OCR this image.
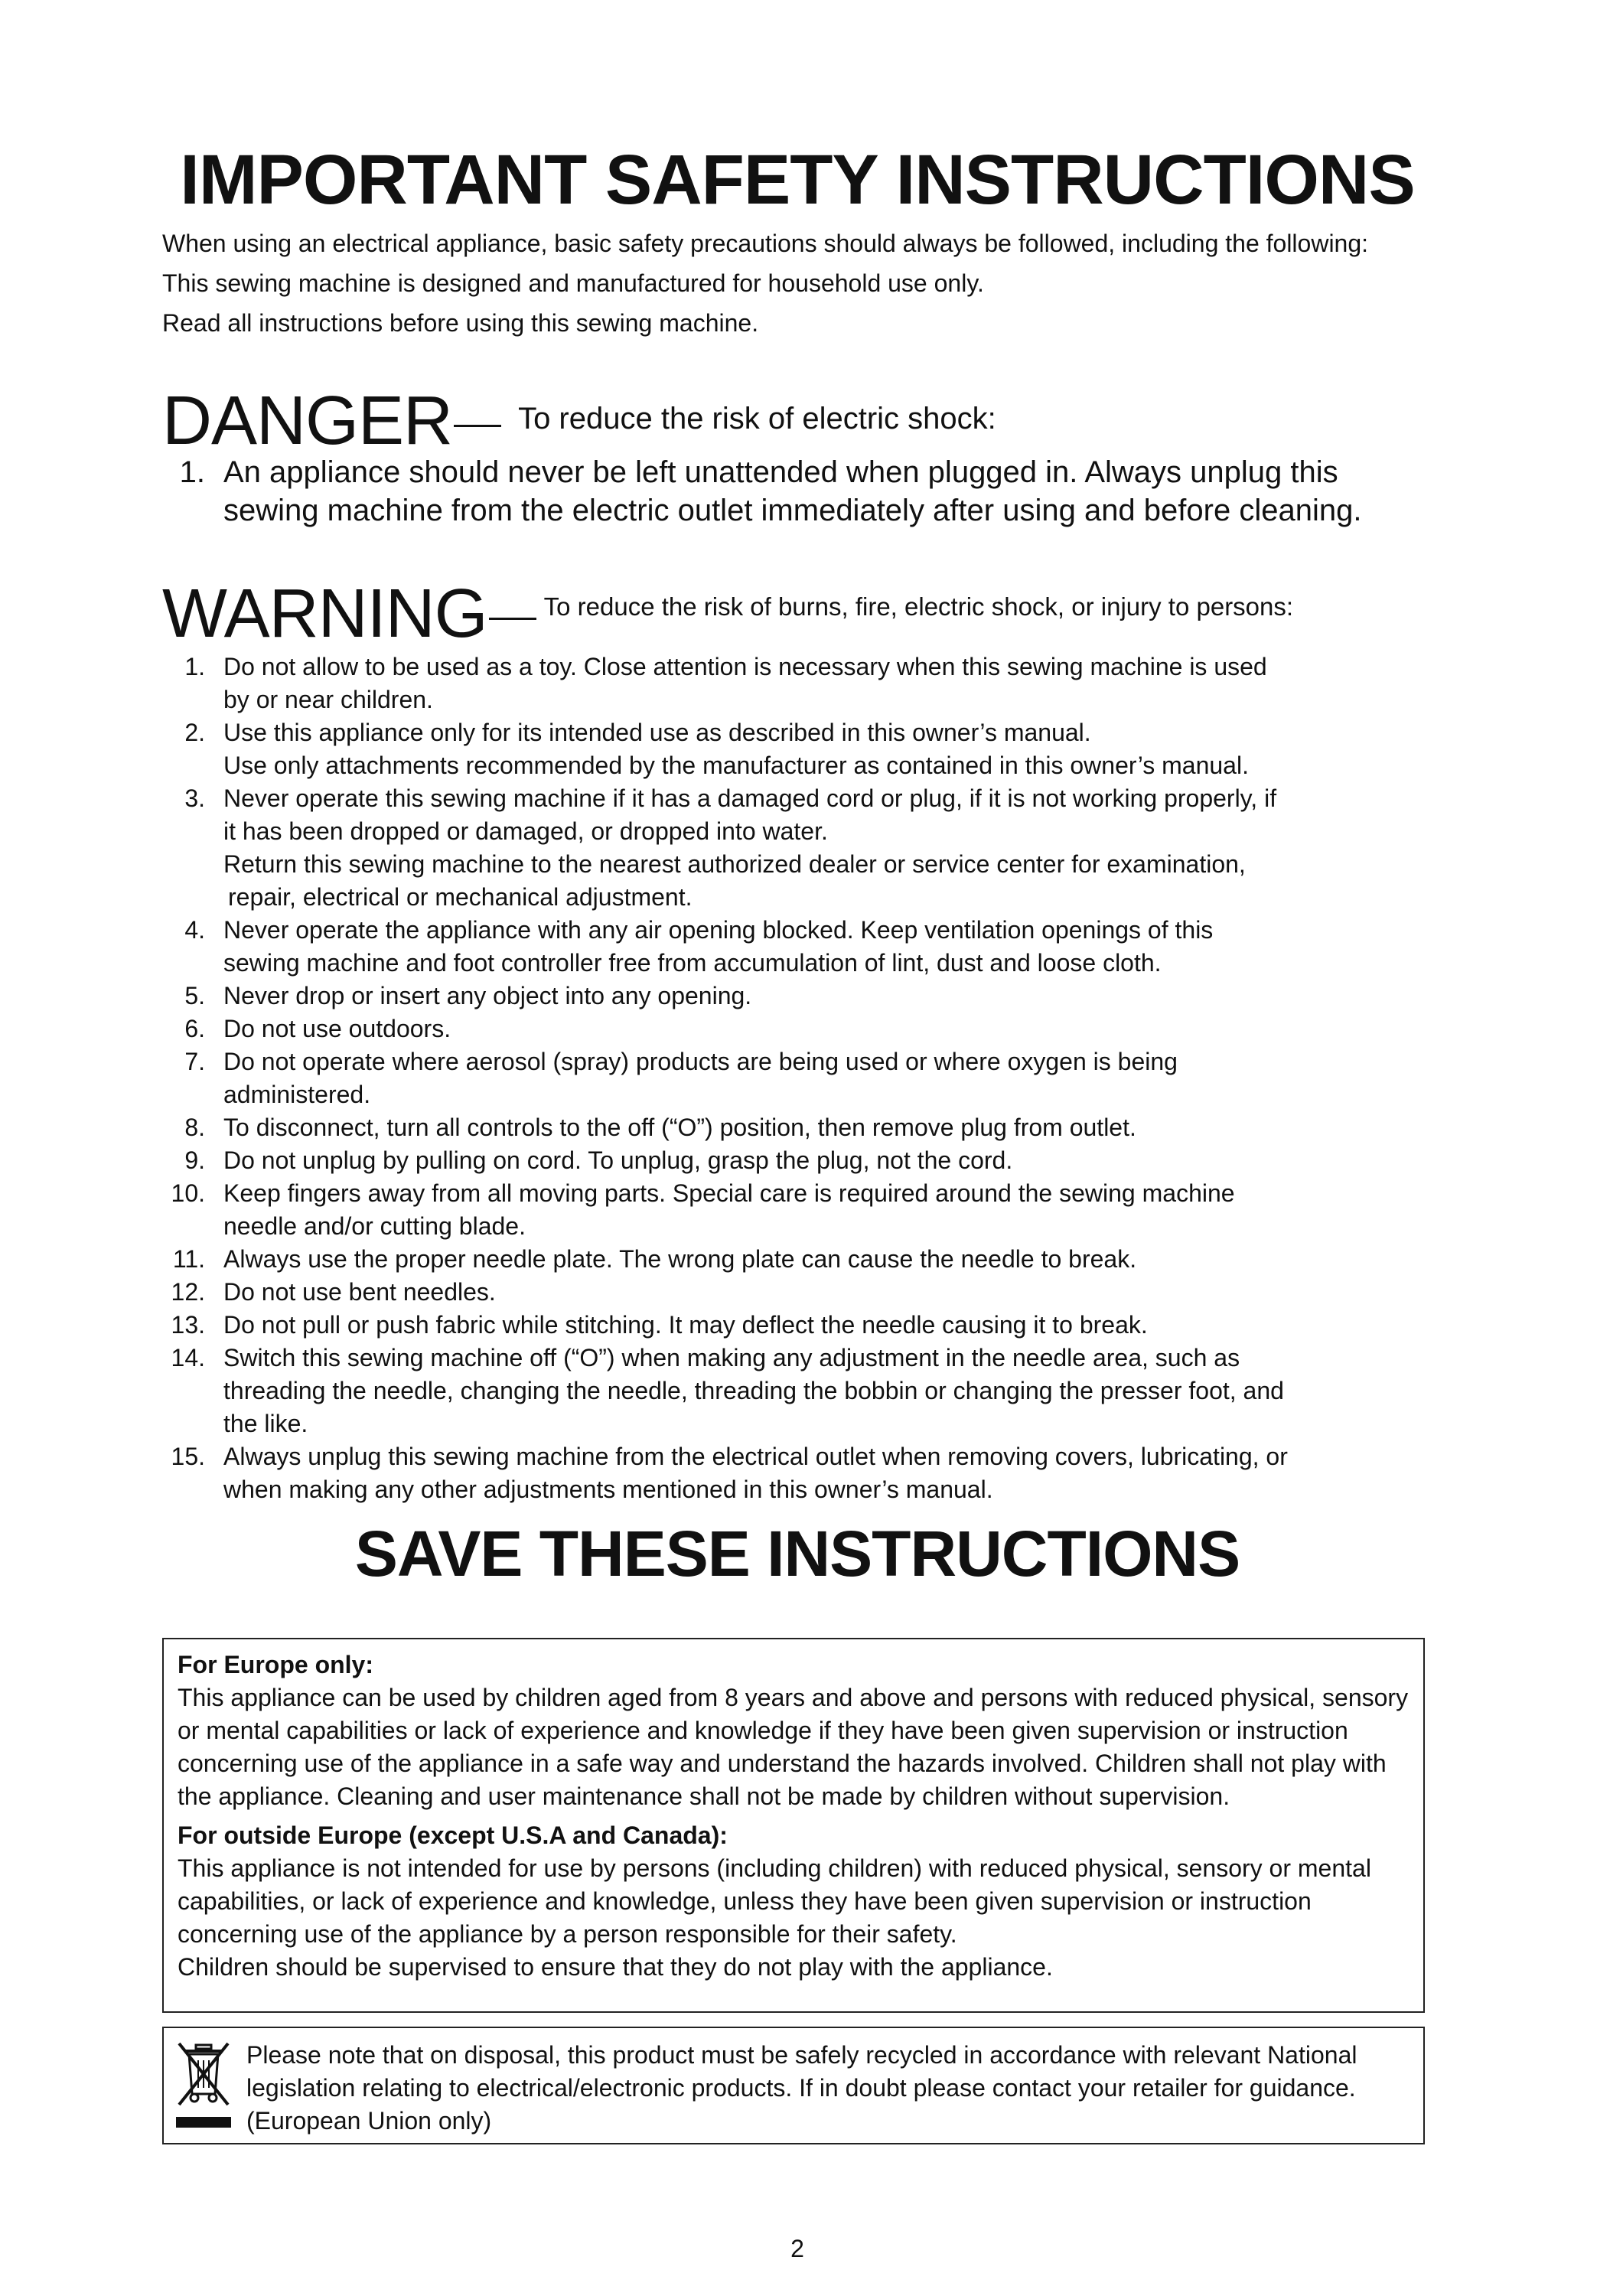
IMPORTANT SAFETY INSTRUCTIONS

When using an electrical appliance, basic safety precautions should always be followed, including the following:

This sewing machine is designed and manufactured for household use only.

Read all instructions before using this sewing machine.

DANGER To reduce the risk of electric shock:
1. An appliance should never be left unattended when plugged in. Always unplug this sewing machine from the electric outlet immediately after using and before cleaning.
WARNING To reduce the risk of burns, fire, electric shock, or injury to persons:
1. Do not allow to be used as a toy. Close attention is necessary when this sewing machine is used
by or near children.
2. Use this appliance only for its intended use as described in this owner’s manual.
Use only attachments recommended by the manufacturer as contained in this owner’s manual.
3. Never operate this sewing machine if it has a damaged cord or plug, if it is not working properly, if
it has been dropped or damaged, or dropped into water.
Return this sewing machine to the nearest authorized dealer or service center for examination,
repair, electrical or mechanical adjustment.
4. Never operate the appliance with any air opening blocked. Keep ventilation openings of this
sewing machine and foot controller free from accumulation of lint, dust and loose cloth.
5. Never drop or insert any object into any opening.
6. Do not use outdoors.
7. Do not operate where aerosol (spray) products are being used or where oxygen is being
administered.
8. To disconnect, turn all controls to the off (“O”) position, then remove plug from outlet.
9. Do not unplug by pulling on cord. To unplug, grasp the plug, not the cord.
10. Keep fingers away from all moving parts. Special care is required around the sewing machine
needle and/or cutting blade.
11. Always use the proper needle plate. The wrong plate can cause the needle to break.
12. Do not use bent needles.
13. Do not pull or push fabric while stitching. It may deflect the needle causing it to break.
14. Switch this sewing machine off (“O”) when making any adjustment in the needle area, such as
threading the needle, changing the needle, threading the bobbin or changing the presser foot, and
the like.
15. Always unplug this sewing machine from the electrical outlet when removing covers, lubricating, or
when making any other adjustments mentioned in this owner’s manual.
SAVE THESE INSTRUCTIONS

For Europe only:

This appliance can be used by children aged from 8 years and above and persons with reduced physical, sensory or mental capabilities or lack of experience and knowledge if they have been given supervision or instruction concerning use of the appliance in a safe way and understand the hazards involved. Children shall not play with the appliance. Cleaning and user maintenance shall not be made by children without supervision.

For outside Europe (except U.S.A and Canada):

This appliance is not intended for use by persons (including children) with reduced physical, sensory or mental capabilities, or lack of experience and knowledge, unless they have been given supervision or instruction concerning use of the appliance by a person responsible for their safety.

Children should be supervised to ensure that they do not play with the appliance.

Please note that on disposal, this product must be safely recycled in accordance with relevant National legislation relating to electrical/electronic products. If in doubt please contact your retailer for guidance. (European Union only)
2
